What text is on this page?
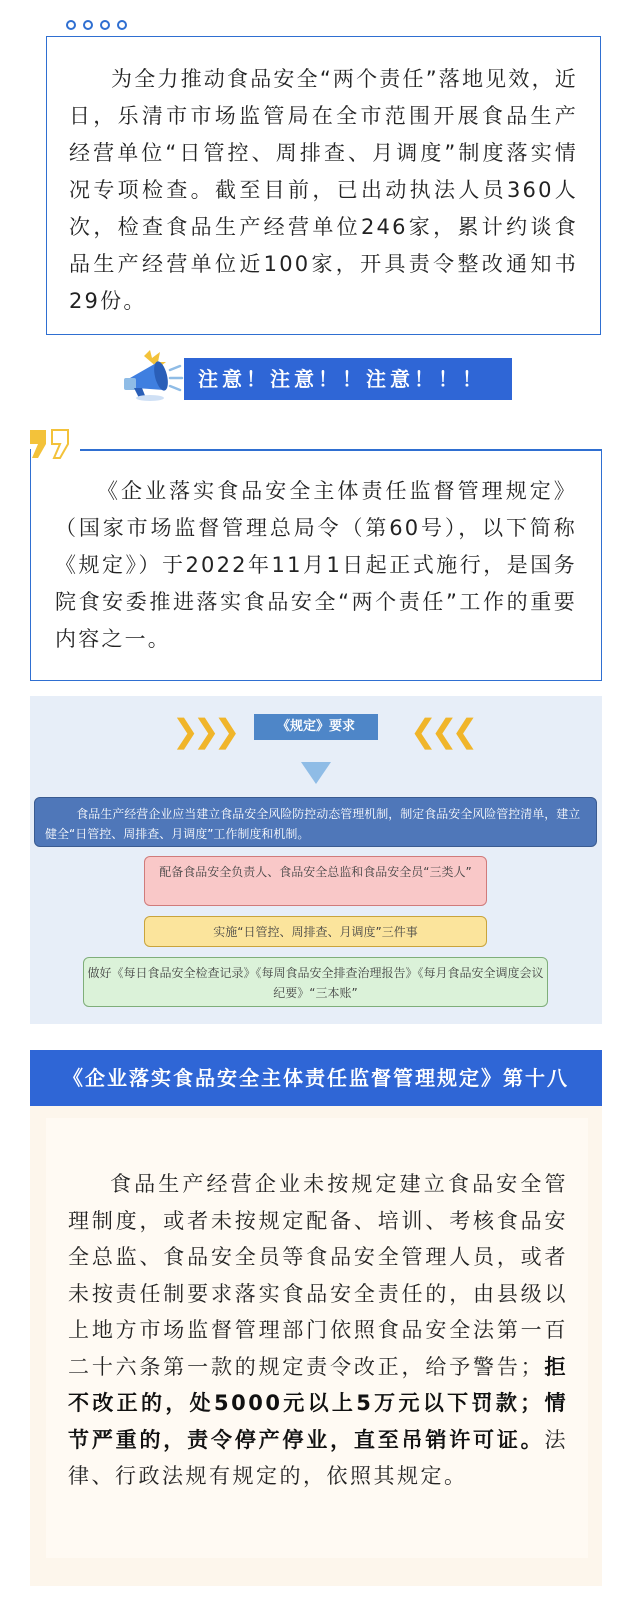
为全力推动食品安全“两个责任”落地见效，近日，乐清市市场监管局在全市范围开展食品生产经营单位“日管控、周排查、月调度”制度落实情况专项检查。截至目前，已出动执法人员360人次，检查食品生产经营单位246家，累计约谈食品生产经营单位近100家，开具责令整改通知书29份。

注意！注意！！注意！！！

《企业落实食品安全主体责任监督管理规定》（国家市场监督管理总局令（第60号），以下简称《规定》）于2022年11月1日起正式施行，是国务院食安委推进落实食品安全“两个责任”工作的重要内容之一。

❯❯❯	《规定》要求	❮❮❮
食品生产经营企业应当建立食品安全风险防控动态管理机制，制定食品安全风险管控清单，建立健全“日管控、周排查、月调度”工作制度和机制。
配备食品安全负责人、食品安全总监和食品安全员“三类人”
实施“日管控、周排查、月调度”三件事
做好《每日食品安全检查记录》《每周食品安全排查治理报告》《每月食品安全调度会议纪要》“三本账”
《企业落实食品安全主体责任监督管理规定》第十八

食品生产经营企业未按规定建立食品安全管理制度，或者未按规定配备、培训、考核食品安全总监、食品安全员等食品安全管理人员，或者未按责任制要求落实食品安全责任的，由县级以上地方市场监督管理部门依照食品安全法第一百二十六条第一款的规定责令改正，给予警告；拒不改正的，处5000元以上5万元以下罚款；情节严重的，责令停产停业，直至吊销许可证。法律、行政法规有规定的，依照其规定。
